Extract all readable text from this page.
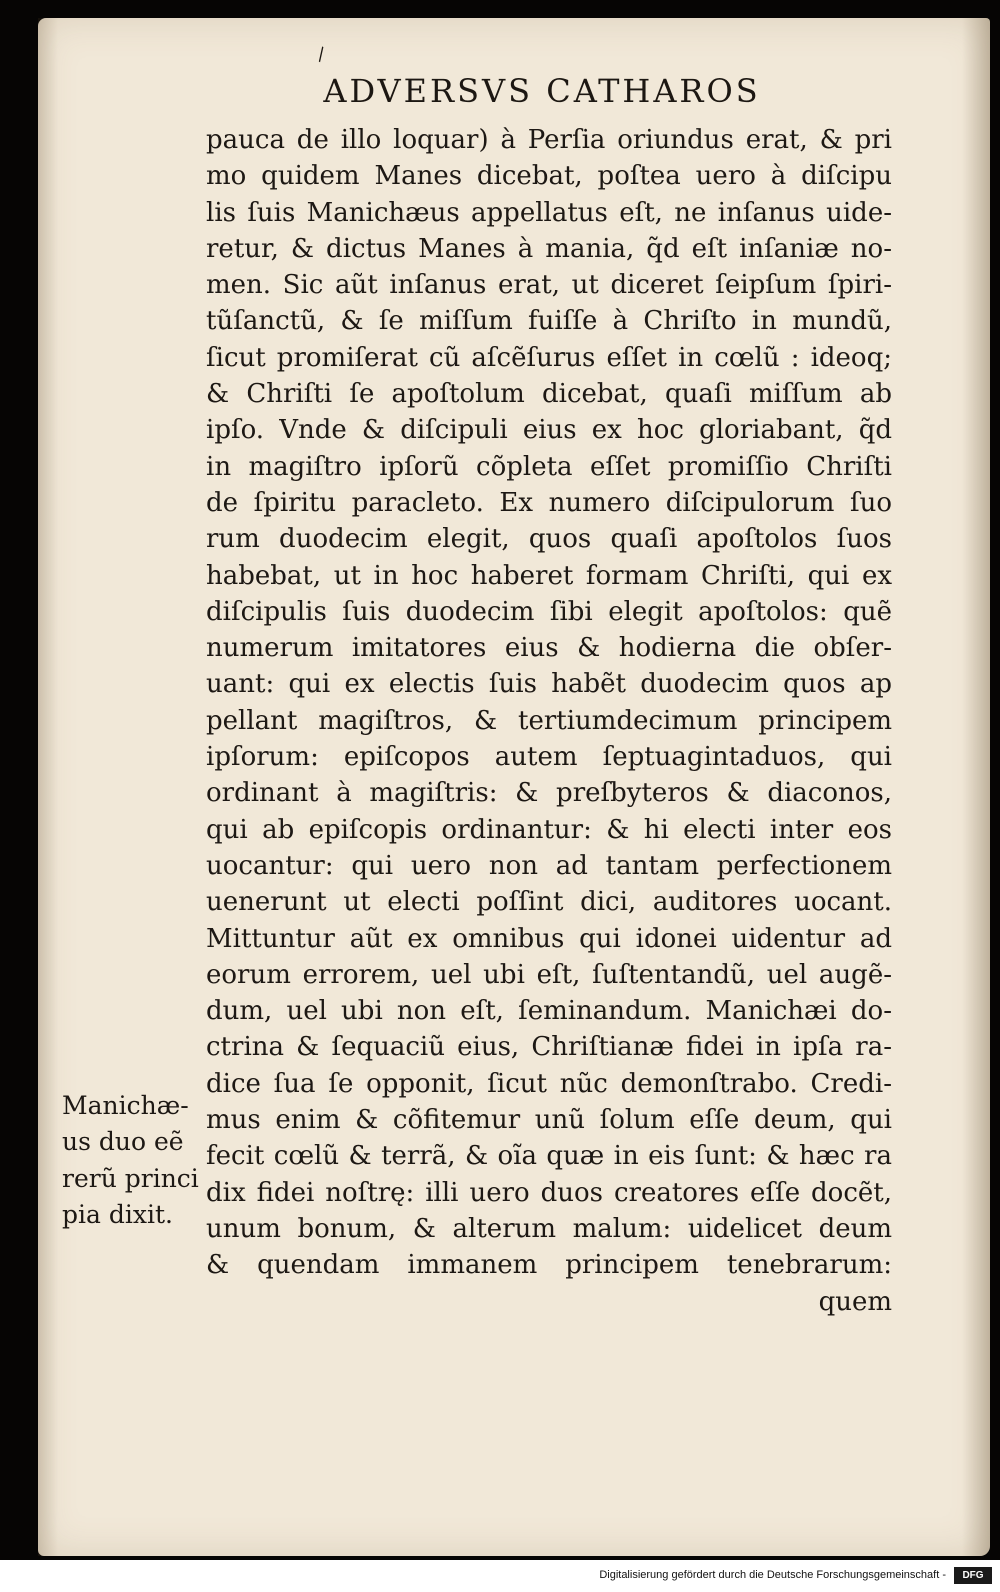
\
ADVERSVS CATHAROS
pauca de illo loquar) à Perſia oriundus erat, & pri
mo quidem Manes dicebat, poſtea uero à diſcipu
lis ſuis Manichæus appellatus eſt, ne inſanus uide-
retur, & dictus Manes à mania, q̃d eſt inſaniæ no-
men. Sic aũt inſanus erat, ut diceret ſeipſum ſpiri-
tũſanctũ, & ſe miſſum fuiſſe à Chriſto in mundũ,
ſicut promiſerat cũ aſcẽſurus eſſet in cœlũ : ideoq;
& Chriſti ſe apoſtolum dicebat, quaſi miſſum ab
ipſo. Vnde & diſcipuli eius ex hoc gloriabant, q̃d
in magiſtro ipſorũ cõpleta eſſet promiſſio Chriſti
de ſpiritu paracleto. Ex numero diſcipulorum ſuo
rum duodecim elegit, quos quaſi apoſtolos ſuos
habebat, ut in hoc haberet formam Chriſti, qui ex
diſcipulis ſuis duodecim ſibi elegit apoſtolos: quẽ
numerum imitatores eius & hodierna die obſer-
uant: qui ex electis ſuis habẽt duodecim quos ap
pellant magiſtros, & tertiumdecimum principem
ipſorum: epiſcopos autem ſeptuagintaduos, qui
ordinant à magiſtris: & preſbyteros & diaconos,
qui ab epiſcopis ordinantur: & hi electi inter eos
uocantur: qui uero non ad tantam perfectionem
uenerunt ut electi poſſint dici, auditores uocant.
Mittuntur aũt ex omnibus qui idonei uidentur ad
eorum errorem, uel ubi eſt, ſuſtentandũ, uel augẽ-
dum, uel ubi non eſt, ſeminandum. Manichæi do-
ctrina & ſequaciũ eius, Chriſtianæ fidei in ipſa ra-
dice ſua ſe opponit, ſicut nũc demonſtrabo. Credi-
mus enim & cõfitemur unũ ſolum eſſe deum, qui
fecit cœlũ & terrã, & oĩa quæ in eis ſunt: & hæc ra
dix fidei noſtrę: illi uero duos creatores eſſe docẽt,
unum bonum, & alterum malum: uidelicet deum
& quendam immanem principem tenebrarum:
quem
Manichæ-
us duo eẽ
rerũ princi
pia dixit.
Digitalisierung gefördert durch die Deutsche Forschungsgemeinschaft -	DFG
